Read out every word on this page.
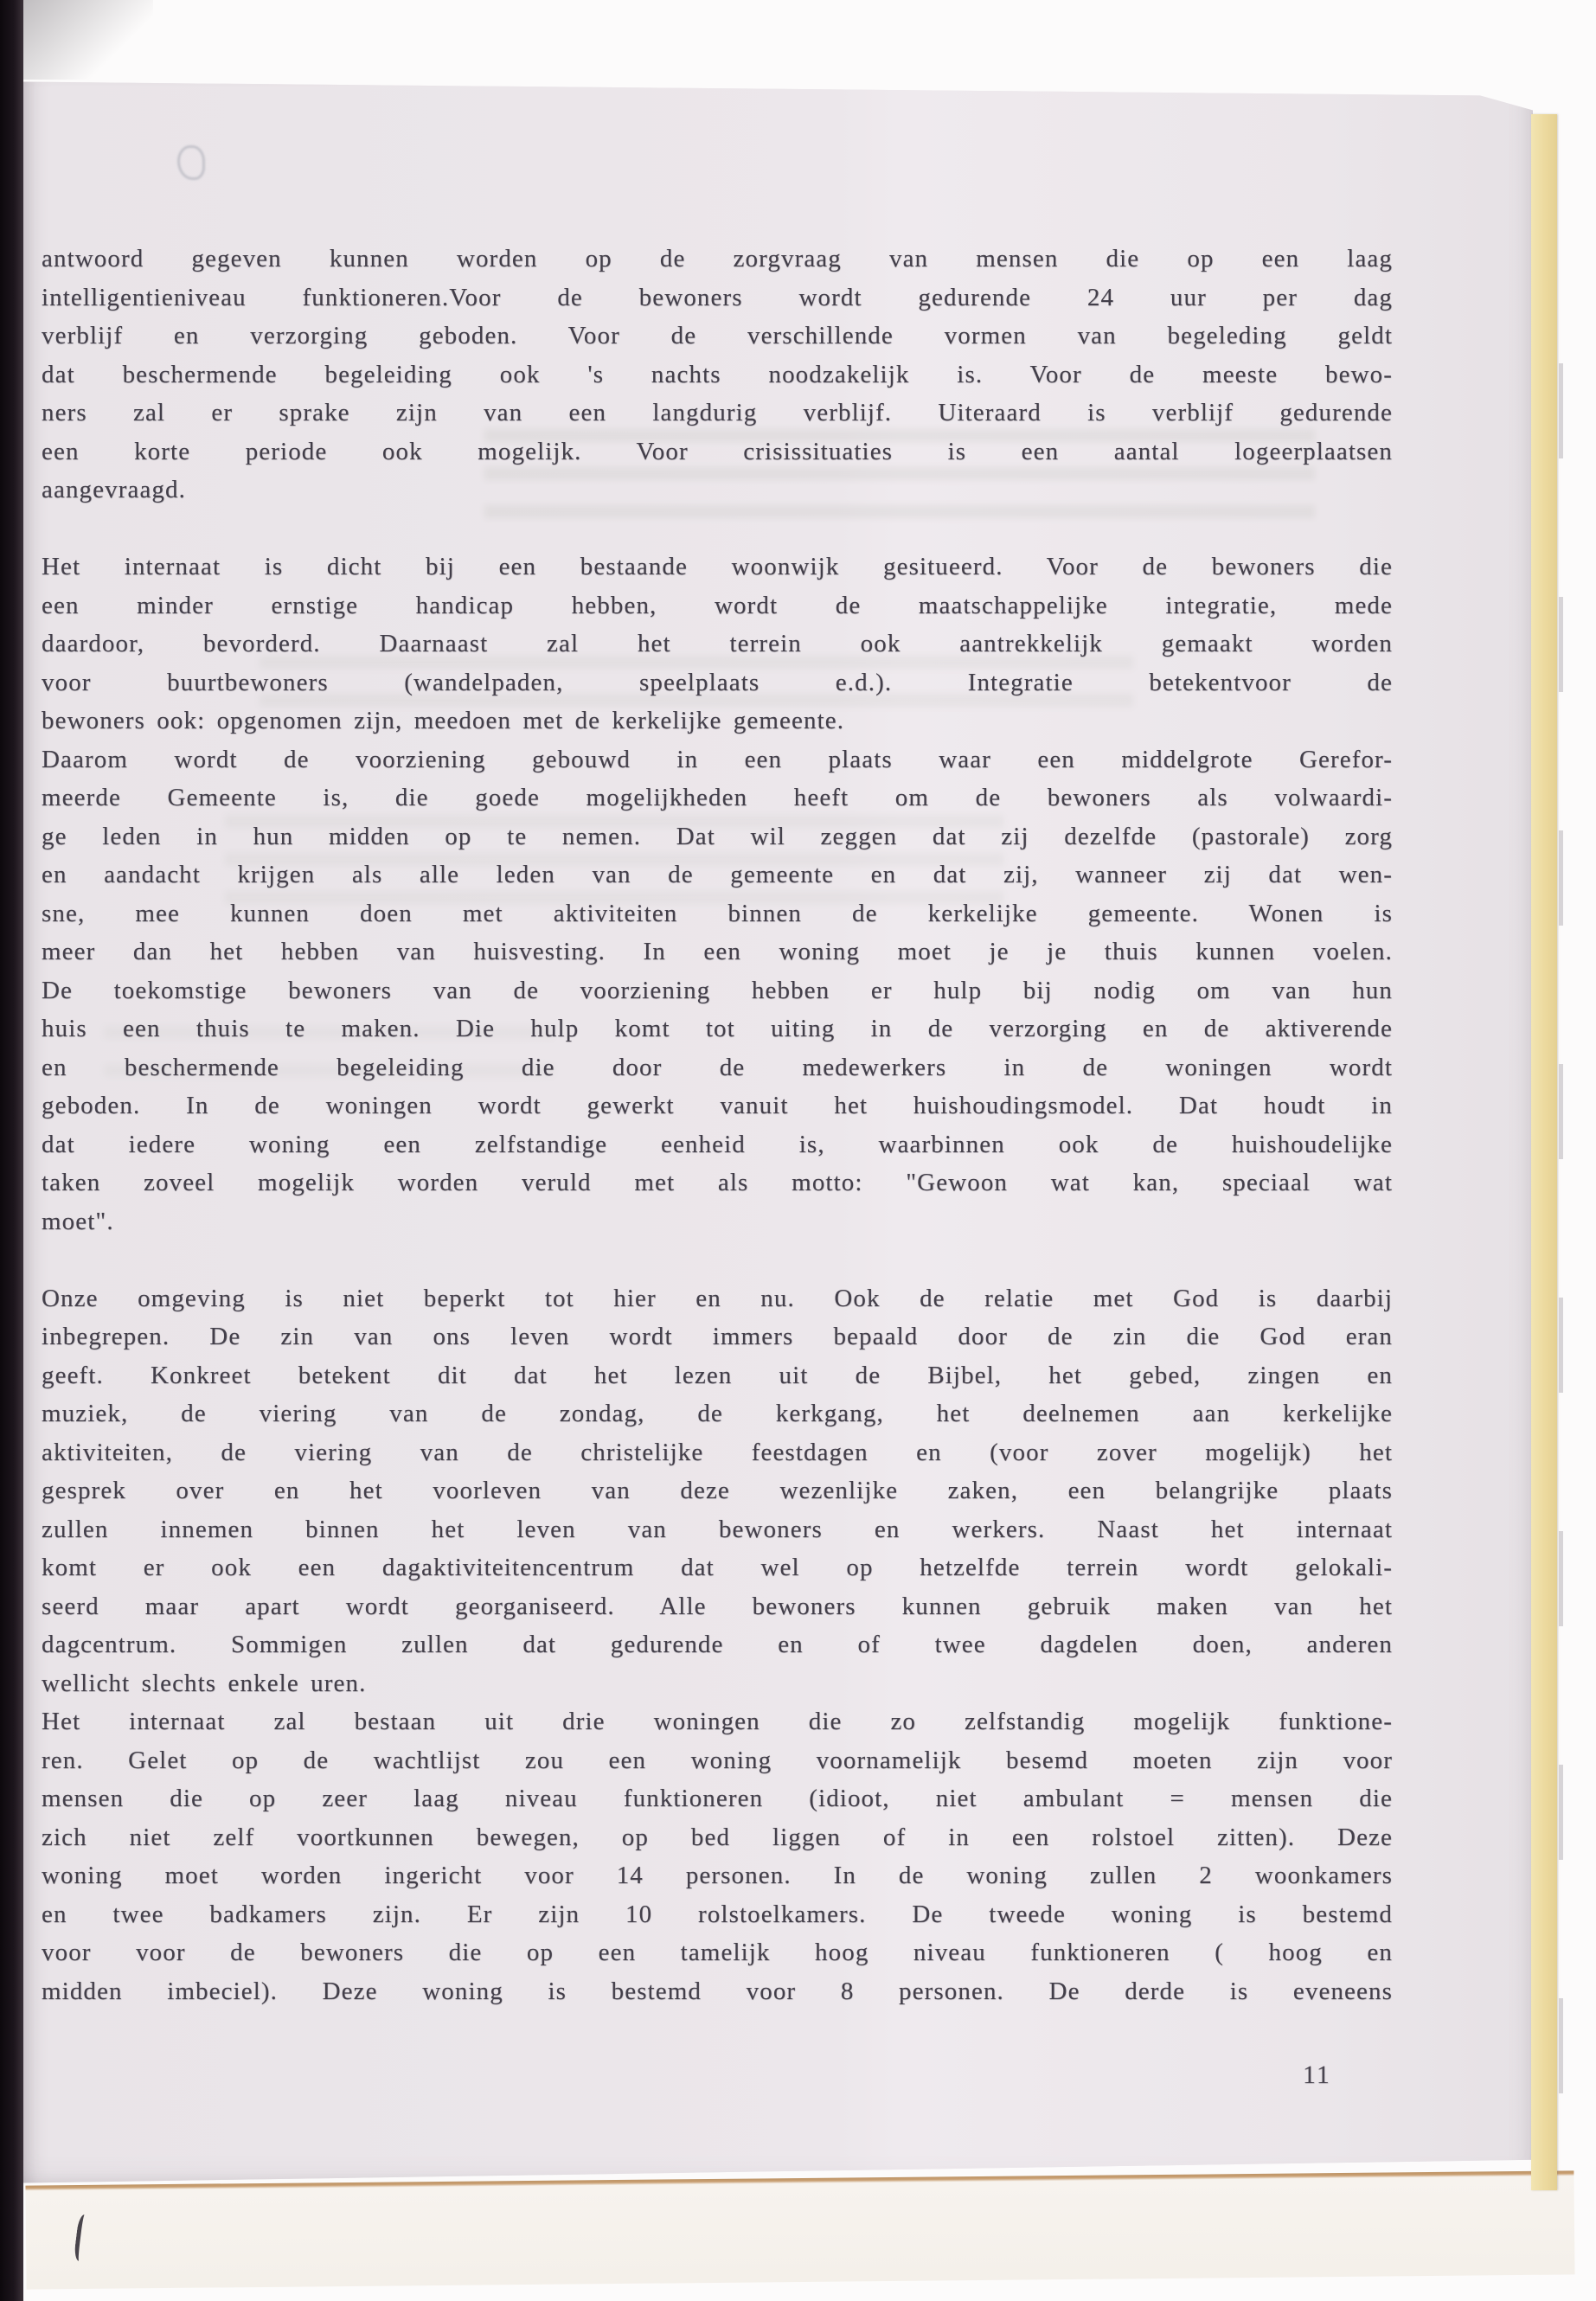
antwoord gegeven kunnen worden op de zorgvraag van mensen die op een laag
intelligentieniveau funktioneren.Voor de bewoners wordt gedurende 24 uur per dag
verblijf en verzorging geboden. Voor de verschillende vormen van begeleding geldt
dat beschermende begeleiding ook 's nachts noodzakelijk is. Voor de meeste bewo-
ners zal er sprake zijn van een langdurig verblijf. Uiteraard is verblijf gedurende
een korte periode ook mogelijk. Voor crisissituaties is een aantal logeerplaatsen
aangevraagd.
Het internaat is dicht bij een bestaande woonwijk gesitueerd. Voor de bewoners die
een minder ernstige handicap hebben, wordt de maatschappelijke integratie, mede
daardoor, bevorderd. Daarnaast zal het terrein ook aantrekkelijk gemaakt worden
voor buurtbewoners (wandelpaden, speelplaats e.d.). Integratie betekentvoor de
bewoners ook: opgenomen zijn, meedoen met de kerkelijke gemeente.
Daarom wordt de voorziening gebouwd in een plaats waar een middelgrote Gerefor-
meerde Gemeente is, die goede mogelijkheden heeft om de bewoners als volwaardi-
ge leden in hun midden op te nemen. Dat wil zeggen dat zij dezelfde (pastorale) zorg
en aandacht krijgen als alle leden van de gemeente en dat zij, wanneer zij dat wen-
sne, mee kunnen doen met aktiviteiten binnen de kerkelijke gemeente. Wonen is
meer dan het hebben van huisvesting. In een woning moet je je thuis kunnen voelen.
De toekomstige bewoners van de voorziening hebben er hulp bij nodig om van hun
huis een thuis te maken. Die hulp komt tot uiting in de verzorging en de aktiverende
en beschermende begeleiding die door de medewerkers in de woningen wordt
geboden. In de woningen wordt gewerkt vanuit het huishoudingsmodel. Dat houdt in
dat iedere woning een zelfstandige eenheid is, waarbinnen ook de huishoudelijke
taken zoveel mogelijk worden veruld met als motto: "Gewoon wat kan, speciaal wat
moet".
Onze omgeving is niet beperkt tot hier en nu. Ook de relatie met God is daarbij
inbegrepen. De zin van ons leven wordt immers bepaald door de zin die God eran
geeft. Konkreet betekent dit dat het lezen uit de Bijbel, het gebed, zingen en
muziek, de viering van de zondag, de kerkgang, het deelnemen aan kerkelijke
aktiviteiten, de viering van de christelijke feestdagen en (voor zover mogelijk) het
gesprek over en het voorleven van deze wezenlijke zaken, een belangrijke plaats
zullen innemen binnen het leven van bewoners en werkers. Naast het internaat
komt er ook een dagaktiviteitencentrum dat wel op hetzelfde terrein wordt gelokali-
seerd maar apart wordt georganiseerd. Alle bewoners kunnen gebruik maken van het
dagcentrum. Sommigen zullen dat gedurende en of twee dagdelen doen, anderen
wellicht slechts enkele uren.
Het internaat zal bestaan uit drie woningen die zo zelfstandig mogelijk funktione-
ren. Gelet op de wachtlijst zou een woning voornamelijk besemd moeten zijn voor
mensen die op zeer laag niveau funktioneren (idioot, niet ambulant = mensen die
zich niet zelf voortkunnen bewegen, op bed liggen of in een rolstoel zitten). Deze
woning moet worden ingericht voor 14 personen. In de woning zullen 2 woonkamers
en twee badkamers zijn. Er zijn 10 rolstoelkamers. De tweede woning is bestemd
voor voor de bewoners die op een tamelijk hoog niveau funktioneren ( hoog en
midden imbeciel). Deze woning is bestemd voor 8 personen. De derde is eveneens
11
